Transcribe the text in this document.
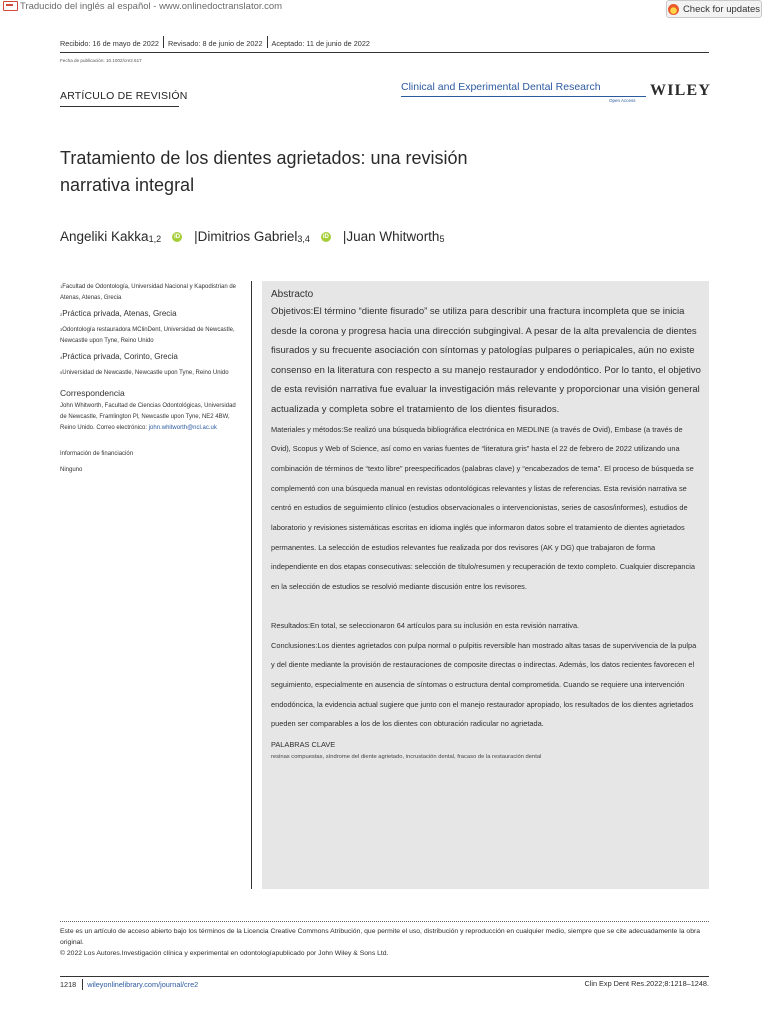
Traducido del inglés al español - www.onlinedoctranslator.com	Check for updates
Recibido: 16 de mayo de 2022 Revisado: 8 de junio de 2022 Aceptado: 11 de junio de 2022
Fecha de publicación: 10.1002/cre2.617
ARTÍCULO DE REVISIÓN
Clinical and Experimental Dental Research
Open Access
WILEY
Tratamiento de los dientes agrietados: una revisión narrativa integral
Angeliki Kakka 1,2	iD | Dimitrios Gabriel 3,4	iD | Juan Whitworth 5
1Facultad de Odontología, Universidad Nacional y Kapodistrian de Atenas, Atenas, Grecia
2Práctica privada, Atenas, Grecia
3Odontología restauradora MClinDent, Universidad de Newcastle, Newcastle upon Tyne, Reino Unido
4Práctica privada, Corinto, Grecia
5Universidad de Newcastle, Newcastle upon Tyne, Reino Unido
Correspondencia
John Whitworth, Facultad de Ciencias Odontológicas, Universidad de Newcastle, Framlington Pl, Newcastle upon Tyne, NE2 4BW, Reino Unido. Correo electrónico: john.whitworth@ncl.ac.uk
Información de financiación
Ninguno
Abstracto
Objetivos:El término “diente fisurado” se utiliza para describir una fractura incompleta que se inicia desde la corona y progresa hacia una dirección subgingival. A pesar de la alta prevalencia de dientes fisurados y su frecuente asociación con síntomas y patologías pulpares o periapicales, aún no existe consenso en la literatura con respecto a su manejo restaurador y endodóntico. Por lo tanto, el objetivo de esta revisión narrativa fue evaluar la investigación más relevante y proporcionar una visión general actualizada y completa sobre el tratamiento de los dientes fisurados.
Materiales y métodos:Se realizó una búsqueda bibliográfica electrónica en MEDLINE (a través de Ovid), Embase (a través de Ovid), Scopus y Web of Science, así como en varias fuentes de “literatura gris” hasta el 22 de febrero de 2022 utilizando una combinación de términos de “texto libre” preespecificados (palabras clave) y “encabezados de tema”. El proceso de búsqueda se complementó con una búsqueda manual en revistas odontológicas relevantes y listas de referencias. Esta revisión narrativa se centró en estudios de seguimiento clínico (estudios observacionales o intervencionistas, series de casos/informes), estudios de laboratorio y revisiones sistemáticas escritas en idioma inglés que informaron datos sobre el tratamiento de dientes agrietados permanentes. La selección de estudios relevantes fue realizada por dos revisores (AK y DG) que trabajaron de forma independiente en dos etapas consecutivas: selección de título/resumen y recuperación de texto completo. Cualquier discrepancia en la selección de estudios se resolvió mediante discusión entre los revisores.
Resultados:En total, se seleccionaron 64 artículos para su inclusión en esta revisión narrativa.
Conclusiones:Los dientes agrietados con pulpa normal o pulpitis reversible han mostrado altas tasas de supervivencia de la pulpa y del diente mediante la provisión de restauraciones de composite directas o indirectas. Además, los datos recientes favorecen el seguimiento, especialmente en ausencia de síntomas o estructura dental comprometida. Cuando se requiere una intervención endodóncica, la evidencia actual sugiere que junto con el manejo restaurador apropiado, los resultados de los dientes agrietados pueden ser comparables a los de los dientes con obturación radicular no agrietada.
PALABRAS CLAVE
resinas compuestas, síndrome del diente agrietado, incrustación dental, fracaso de la restauración dental
Este es un artículo de acceso abierto bajo los términos de la Licencia Creative Commons Atribución, que permite el uso, distribución y reproducción en cualquier medio, siempre que se cite adecuadamente la obra original.
© 2022 Los Autores.Investigación clínica y experimental en odontologíapublicado por John Wiley & Sons Ltd.
1218 wileyonlinelibrary.com/journal/cre2	Clin Exp Dent Res.2022;8:1218–1248.
